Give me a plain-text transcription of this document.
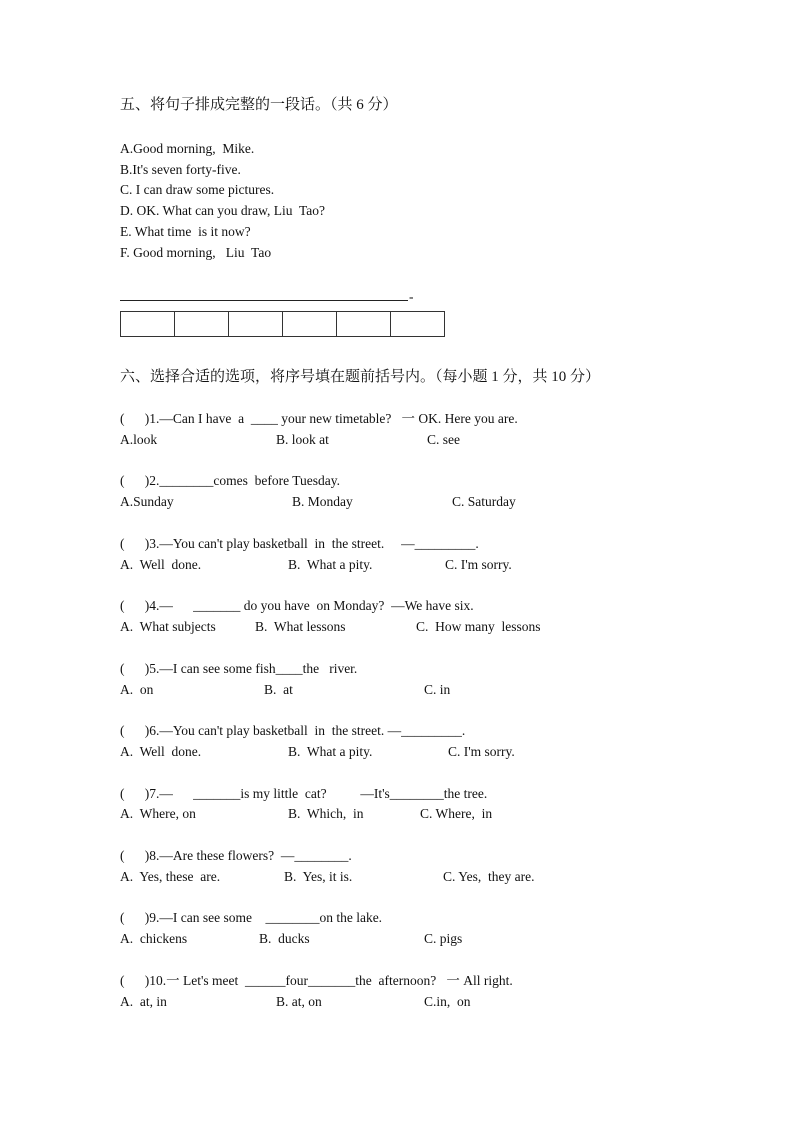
五、将句子排成完整的一段话。（共 6 分）
A.Good morning,  Mike.
B.It's seven forty-five.
C. I can draw some pictures.
D. OK. What can you draw, Liu  Tao?
E. What time  is it now?
F. Good morning,   Liu  Tao
-

六、选择合适的选项，将序号填在题前括号内。（每小题 1 分，共 10 分）
(      )1.—Can I have  a  ____ your new timetable?   一 OK. Here you are.
A.look	B. look at	C. see
(      )2.________comes  before Tuesday.
A.Sunday	B. Monday	C. Saturday
(      )3.—You can't play basketball  in  the street.     —_________.
A.  Well  done.	B.  What a pity.	C. I'm sorry.
(      )4.—      _______ do you have  on Monday?  —We have six.
A.  What subjects	B.  What lessons	C.  How many  lessons
(      )5.—I can see some fish____the   river.
A.  on	B.  at	C. in
(      )6.—You can't play basketball  in  the street. —_________.
A.  Well  done.	B.  What a pity.	C. I'm sorry.
(      )7.—      _______is my little  cat?          —It's________the tree.
A.  Where, on	B.  Which,  in	C. Where,  in
(      )8.—Are these flowers?  —________.
A.  Yes, these  are.	B.  Yes, it is.	C. Yes,  they are.
(      )9.—I can see some    ________on the lake.
A.  chickens	B.  ducks	C. pigs
(      )10.一 Let's meet  ______four_______the  afternoon?   一 All right.
A.  at, in	B. at, on	C.in,  on
